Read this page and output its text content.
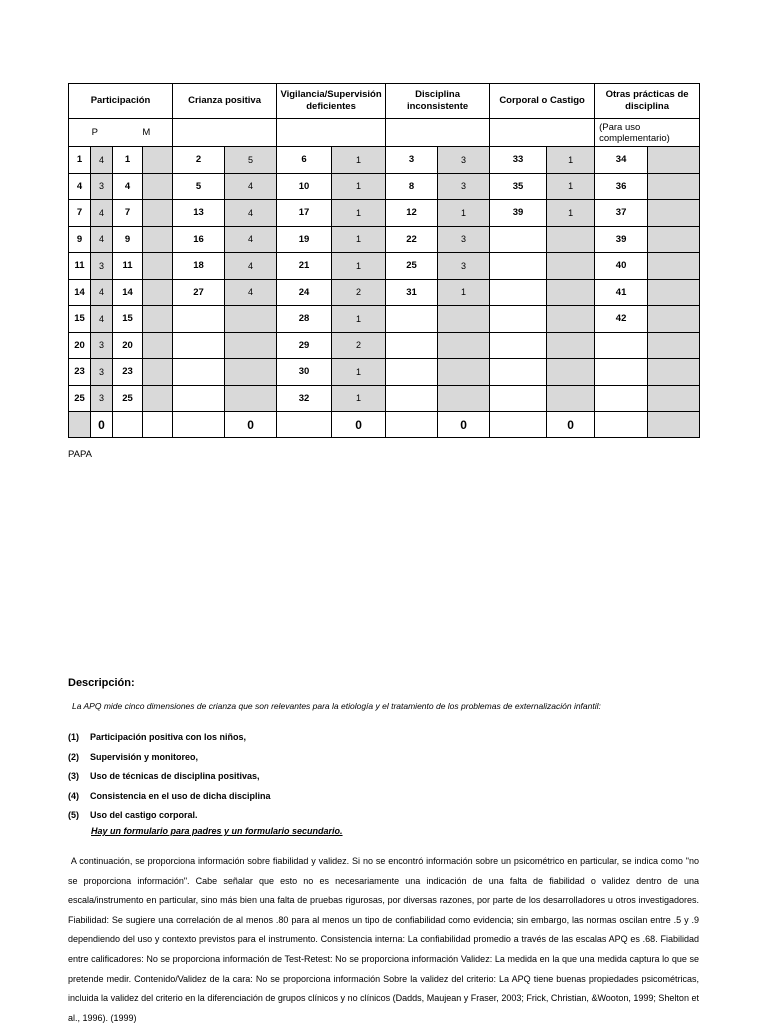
Participación				Crianza positiva		Vigilancia/Supervisión deficientes		Disciplina inconsistente		Corporal o Castigo		Otras prácticas de disciplina	

P M												(Para uso complementario)	
1	4	1		2	5	6	1	3	3	33	1	34	
4	3	4		5	4	10	1	8	3	35	1	36	
7	4	7		13	4	17	1	12	1	39	1	37	
9	4	9		16	4	19	1	22	3			39	
11	3	11		18	4	21	1	25	3			40	
14	4	14		27	4	24	2	31	1			41	
15	4	15				28	1					42	
20	3	20				29	2						
23	3	23				30	1						
25	3	25				32	1						
	0				0		0		0		0		
PAPA
Descripción:
La APQ mide cinco dimensiones de crianza que son relevantes para la etiología y el tratamiento de los problemas de externalización infantil:
(1) Participación positiva con los niños,
(2) Supervisión y monitoreo,
(3) Uso de técnicas de disciplina positivas,
(4) Consistencia en el uso de dicha disciplina
(5) Uso del castigo corporal.
Hay un formulario para padres y un formulario secundario.
A continuación, se proporciona información sobre fiabilidad y validez. Si no se encontró información sobre un psicométrico en particular, se indica como "no se proporciona información". Cabe señalar que esto no es necesariamente una indicación de una falta de fiabilidad o validez dentro de una escala/instrumento en particular, sino más bien una falta de pruebas rigurosas, por diversas razones, por parte de los desarrolladores u otros investigadores. Fiabilidad: Se sugiere una correlación de al menos .80 para al menos un tipo de confiabilidad como evidencia; sin embargo, las normas oscilan entre .5 y .9 dependiendo del uso y contexto previstos para el instrumento. Consistencia interna: La confiabilidad promedio a través de las escalas APQ es .68. Fiabilidad entre calificadores: No se proporciona información de Test-Retest: No se proporciona información Validez: La medida en la que una medida captura lo que se pretende medir. Contenido/Validez de la cara: No se proporciona información Sobre la validez del criterio: La APQ tiene buenas propiedades psicométricas, incluida la validez del criterio en la diferenciación de grupos clínicos y no clínicos (Dadds, Maujean y Fraser, 2003; Frick, Christian, &Wooton, 1999; Shelton et al., 1996). (1999)
